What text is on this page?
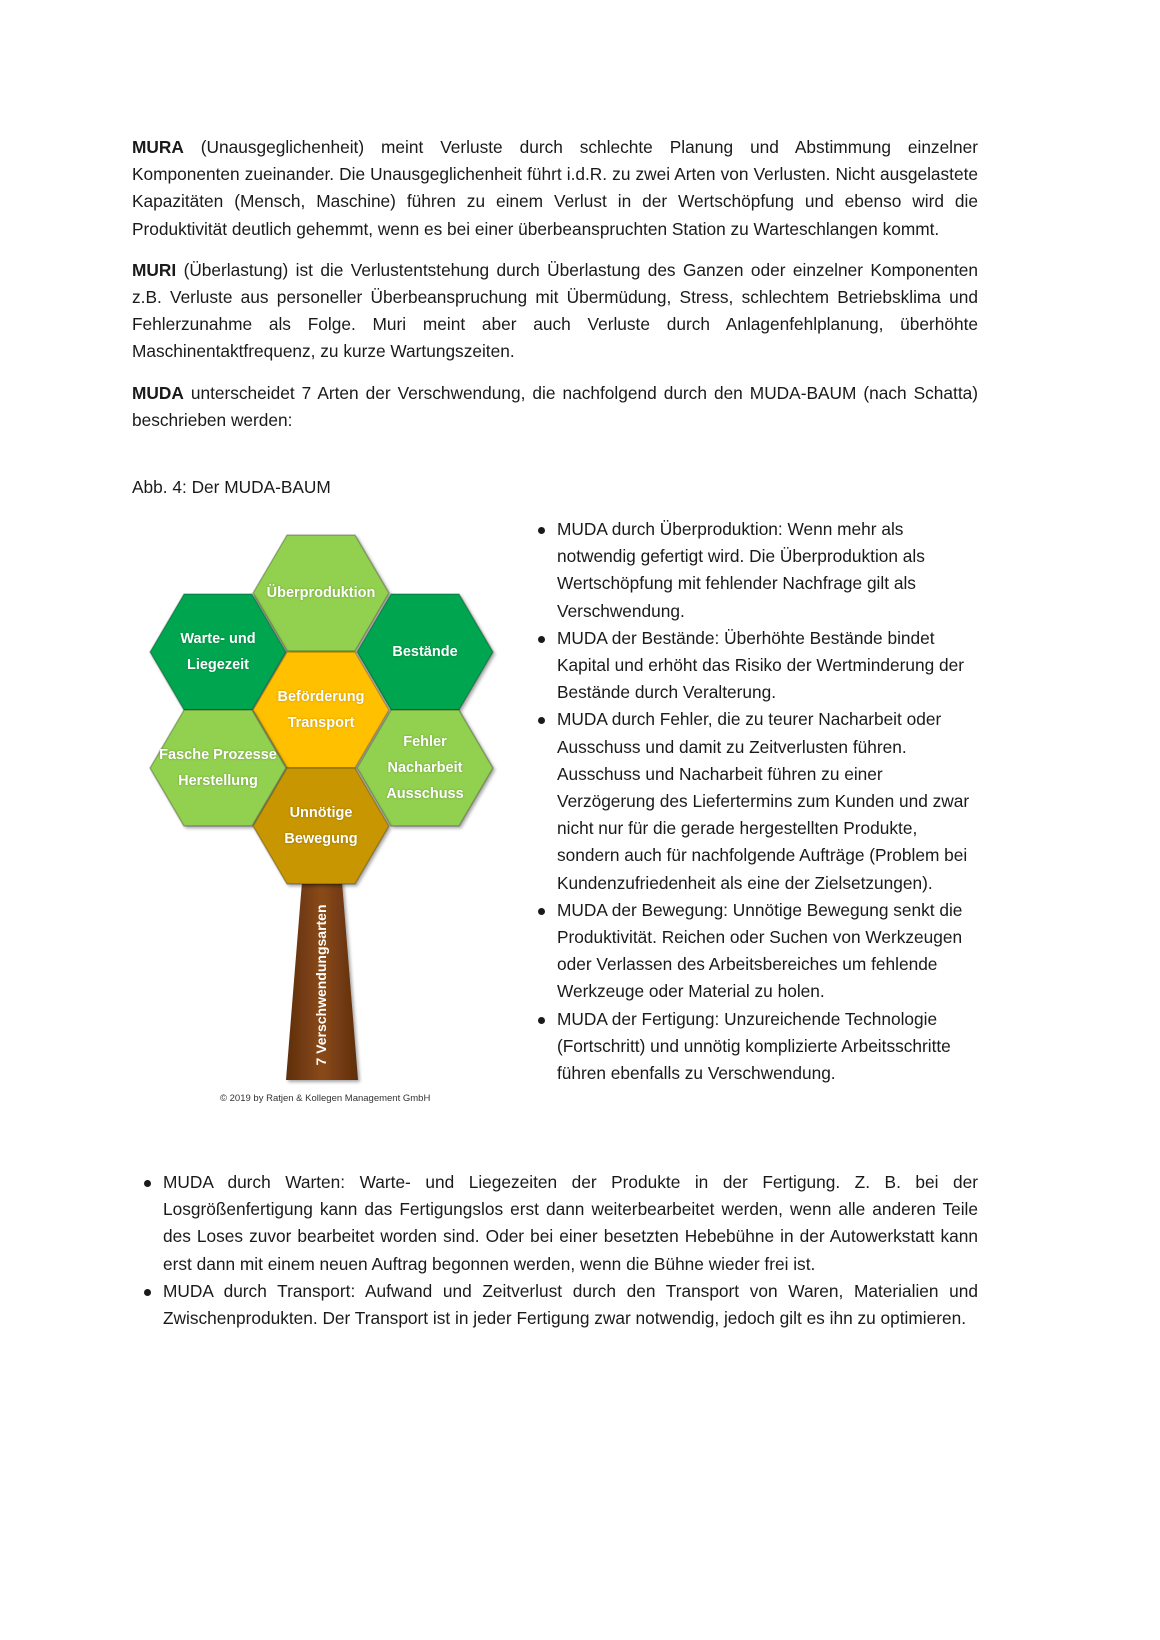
MURA (Unausgeglichenheit) meint Verluste durch schlechte Planung und Abstimmung einzelner Komponenten zueinander. Die Unausgeglichenheit führt i.d.R. zu zwei Arten von Verlusten. Nicht ausgelastete Kapazitäten (Mensch, Maschine) führen zu einem Verlust in der Wertschöpfung und ebenso wird die Produktivität deutlich gehemmt, wenn es bei einer überbeanspruchten Station zu Warteschlangen kommt.

MURI (Überlastung) ist die Verlustentstehung durch Überlastung des Ganzen oder einzelner Komponenten z.B. Verluste aus personeller Überbeanspruchung mit Übermüdung, Stress, schlechtem Betriebsklima und Fehlerzunahme als Folge. Muri meint aber auch Verluste durch Anlagenfehlplanung, überhöhte Maschinentaktfrequenz, zu kurze Wartungszeiten.

MUDA unterscheidet 7 Arten der Verschwendung, die nachfolgend durch den MUDA-BAUM (nach Schatta) beschrieben werden:

Abb. 4: Der MUDA-BAUM
7 Verschwendungsarten
Überproduktion
Warte- und
Liegezeit
Bestände
Beförderung
Transport
Fasche Prozesse
Herstellung
Fehler
Nacharbeit
Ausschuss
Unnötige
Bewegung
© 2019 by Ratjen & Kollegen Management GmbH
MUDA durch Überproduktion: Wenn mehr als notwendig gefertigt wird. Die Überproduktion als Wertschöpfung mit fehlender Nachfrage gilt als Verschwendung.
MUDA der Bestände: Überhöhte Bestände bindet Kapital und erhöht das Risiko der Wertminderung der Bestände durch Veralterung.
MUDA durch Fehler, die zu teurer Nacharbeit oder Ausschuss und damit zu Zeitverlusten führen. Ausschuss und Nacharbeit führen zu einer Verzögerung des Liefertermins zum Kunden und zwar nicht nur für die gerade hergestellten Produkte, sondern auch für nachfolgende Aufträge (Problem bei Kundenzufriedenheit als eine der Zielsetzungen).
MUDA der Bewegung: Unnötige Bewegung senkt die Produktivität. Reichen oder Suchen von Werkzeugen oder Verlassen des Arbeitsbereiches um fehlende Werkzeuge oder Material zu holen.
MUDA der Fertigung: Unzureichende Technologie (Fortschritt) und unnötig komplizierte Arbeitsschritte führen ebenfalls zu Verschwendung.
MUDA durch Warten: Warte- und Liegezeiten der Produkte in der Fertigung. Z. B. bei der Losgrößenfertigung kann das Fertigungslos erst dann weiterbearbeitet werden, wenn alle anderen Teile des Loses zuvor bearbeitet worden sind. Oder bei einer besetzten Hebebühne in der Autowerkstatt kann erst dann mit einem neuen Auftrag begonnen werden, wenn die Bühne wieder frei ist.
MUDA durch Transport: Aufwand und Zeitverlust durch den Transport von Waren, Materialien und Zwischenprodukten. Der Transport ist in jeder Fertigung zwar notwendig, jedoch gilt es ihn zu optimieren.
